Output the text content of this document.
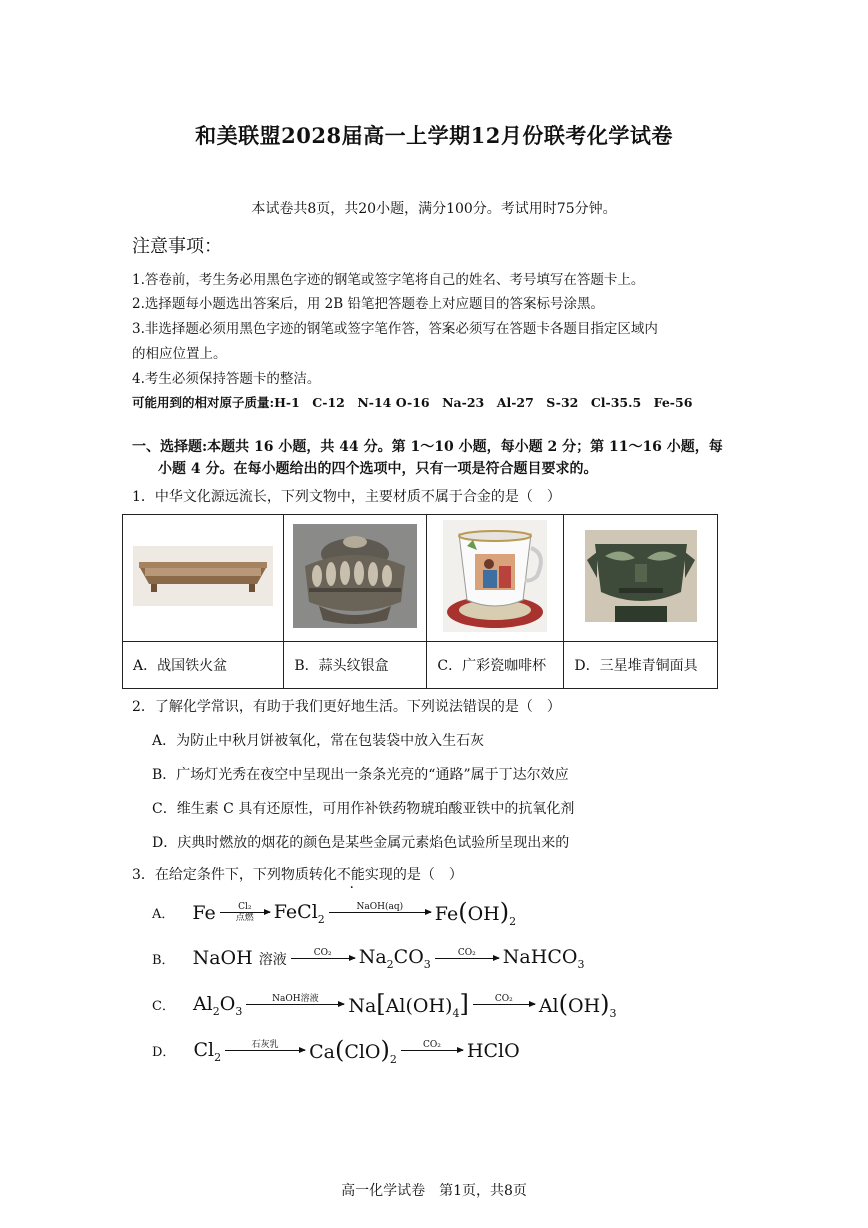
和美联盟2028届高一上学期12月份联考化学试卷
本试卷共8页，共20小题，满分100分。考试用时75分钟。
注意事项：
1.答卷前，考生务必用黑色字迹的钢笔或签字笔将自己的姓名、考号填写在答题卡上。
2.选择题每小题选出答案后，用 2B 铅笔把答题卷上对应题目的答案标号涂黑。
3.非选择题必须用黑色字迹的钢笔或签字笔作答，答案必须写在答题卡各题目指定区域内
的相应位置上。
4.考生必须保持答题卡的整洁。
可能用到的相对原子质量:H-1　C-12　N-14 O-16　Na-23　Al-27　S-32　Cl-35.5　Fe-56
一、选择题:本题共 16 小题，共 44 分。第 1～10 小题，每小题 2 分；第 11～16 小题，每
小题 4 分。在每小题给出的四个选项中，只有一项是符合题目要求的。
1．中华文化源远流长，下列文物中，主要材质不属于合金的是（　）

A．战国铁火盆	B．蒜头纹银盒	C．广彩瓷咖啡杯	D．三星堆青铜面具
2．了解化学常识，有助于我们更好地生活。下列说法错误的是（　）
A．为防止中秋月饼被氧化，常在包装袋中放入生石灰
B．广场灯光秀在夜空中呈现出一条条光亮的“通路”属于丁达尔效应
C．维生素 C 具有还原性，可用作补铁药物琥珀酸亚铁中的抗氧化剂
D．庆典时燃放的烟花的颜色是某些金属元素焰色试验所呈现出来的
3．在给定条件下，下列物质转化不能实现的是（　）
A． Fe Cl₂
点燃 FeCl$_2$
NaOH(aq) $Fe(OH)_2$
B． NaOH 溶液	CO₂ $Na_2CO_3$
CO₂ NaHCO$_3$
C． $Al_2O_3$
NaOH溶液 $Na[Al(OH)_4]$	CO₂ $Al(OH)_3$
D． $Cl_2$
石灰乳 $Ca(ClO)_2$
CO₂ HClO
高一化学试卷　第1页，共8页
